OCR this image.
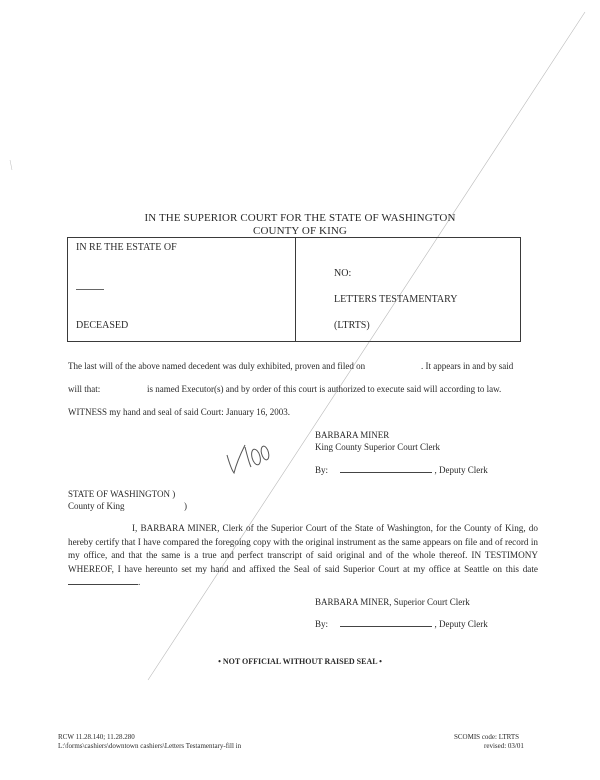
IN THE SUPERIOR COURT FOR THE STATE OF WASHINGTON
COUNTY OF KING
IN RE THE ESTATE OF
DECEASED
NO:
LETTERS TESTAMENTARY
(LTRTS)
The last will of the above named decedent was duly exhibited, proven and filed on	. It appears in and by said
will that:	is named Executor(s) and by order of this court is authorized to execute said will according to law.
WITNESS my hand and seal of said Court: January 16, 2003.
BARBARA MINER
King County Superior Court Clerk
By:	, Deputy Clerk
STATE OF WASHINGTON )
County of King	)
I, BARBARA MINER, Clerk of the Superior Court of the State of Washington, for the County of King, do hereby certify that I have compared the foregoing copy with the original instrument as the same appears on file and of record in my office, and that the same is a true and perfect transcript of said original and of the whole thereof. IN TESTIMONY WHEREOF, I have hereunto set my hand and affixed the Seal of said Superior Court at my office at Seattle on this date .
BARBARA MINER, Superior Court Clerk
By:	, Deputy Clerk
• NOT OFFICIAL WITHOUT RAISED SEAL •
RCW 11.28.140; 11.28.280
L:\forms\cashiers\downtown cashiers\Letters Testamentary-fill in
SCOMIS code: LTRTS
revised: 03/01
